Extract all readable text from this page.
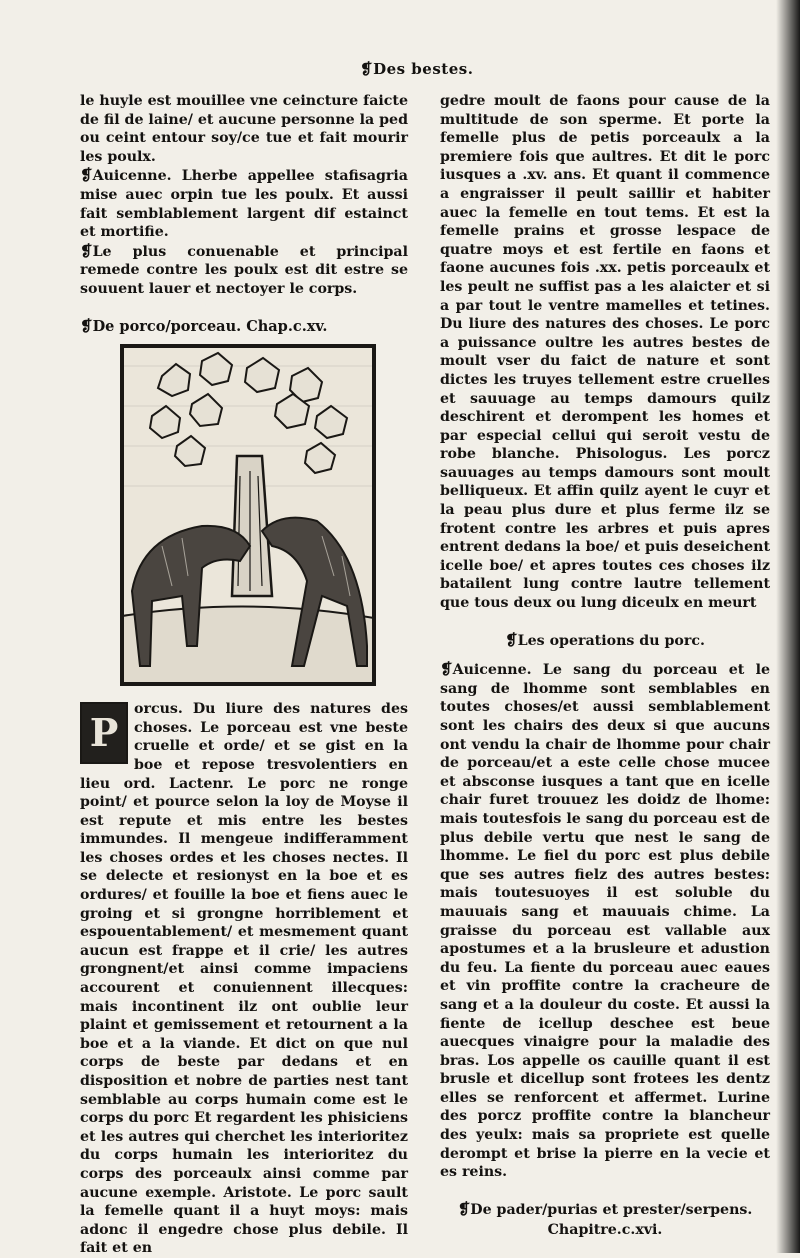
❡Des bestes.

le huyle est mouillee vne ceincture faicte de fil de laine/ et aucune personne la ped ou ceint entour soy/ce tue et fait mourir les poulx.

❡Auicenne. Lherbe appellee stafisagria mise auec orpin tue les poulx. Et aussi fait semblablement largent dif estainct et mortifie.

❡Le plus conuenable et principal remede contre les poulx est dit estre se souuent lauer et nectoyer le corps.

❡De porco/porceau. Chap.c.xv.

P
orcus. Du liure des natures des choses. Le porceau est vne beste cruelle et orde/ et se gist en la boe et repose tresvolentiers en lieu ord. Lactenr. Le porc ne ronge point/ et pource selon la loy de Moyse il est repute et mis entre les bestes immundes. Il mengeue indifferamment les choses ordes et les choses nectes. Il se delecte et resionyst en la boe et es ordures/ et fouille la boe et fiens auec le groing et si grongne horriblement et espouentablement/ et mesmement quant aucun est frappe et il crie/ les autres grongnent/et ainsi comme impaciens accourent et conuiennent illecques: mais incontinent ilz ont oublie leur plaint et gemissement et retournent a la boe et a la viande. Et dict on que nul corps de beste par dedans et en disposition et nobre de parties nest tant semblable au corps humain come est le corps du porc Et regardent les phisiciens et les autres qui cherchet les interioritez du corps humain les interioritez du corps des porceaulx ainsi comme par aucune exemple. Aristote. Le porc sault la femelle quant il a huyt moys: mais adonc il engedre chose plus debile. Il fait et en

gedre moult de faons pour cause de la multitude de son sperme. Et porte la femelle plus de petis porceaulx a la premiere fois que aultres. Et dit le porc iusques a .xv. ans. Et quant il commence a engraisser il peult saillir et habiter auec la femelle en tout tems. Et est la femelle prains et grosse lespace de quatre moys et est fertile en faons et faone aucunes fois .xx. petis porceaulx et les peult ne suffist pas a les alaicter et si a par tout le ventre mamelles et tetines. Du liure des natures des choses. Le porc a puissance oultre les autres bestes de moult vser du faict de nature et sont dictes les truyes tellement estre cruelles et sauuage au temps damours quilz deschirent et derompent les homes et par especial cellui qui seroit vestu de robe blanche. Phisologus. Les porcz sauuages au temps damours sont moult belliqueux. Et affin quilz ayent le cuyr et la peau plus dure et plus ferme ilz se frotent contre les arbres et puis apres entrent dedans la boe/ et puis deseichent icelle boe/ et apres toutes ces choses ilz batailent lung contre lautre tellement que tous deux ou lung diceulx en meurt

❡Les operations du porc.

❡Auicenne. Le sang du porceau et le sang de lhomme sont semblables en toutes choses/et aussi semblablement sont les chairs des deux si que aucuns ont vendu la chair de lhomme pour chair de porceau/et a este celle chose mucee et absconse iusques a tant que en icelle chair furet trouuez les doidz de lhome: mais toutesfois le sang du porceau est de plus debile vertu que nest le sang de lhomme. Le fiel du porc est plus debile que ses autres fielz des autres bestes: mais toutesuoyes il est soluble du mauuais sang et mauuais chime. La graisse du porceau est vallable aux apostumes et a la brusleure et adustion du feu. La fiente du porceau auec eaues et vin proffite contre la cracheure de sang et a la douleur du coste. Et aussi la fiente de icellup deschee est beue auecques vinaigre pour la maladie des bras. Los appelle os cauille quant il est brusle et dicellup sont frotees les dentz elles se renforcent et affermet. Lurine des porcz proffite contre la blancheur des yeulx: mais sa propriete est quelle derompt et brise la pierre en la vecie et es reins.

❡De pader/purias et prester/serpens.

Chapitre.c.xvi.
